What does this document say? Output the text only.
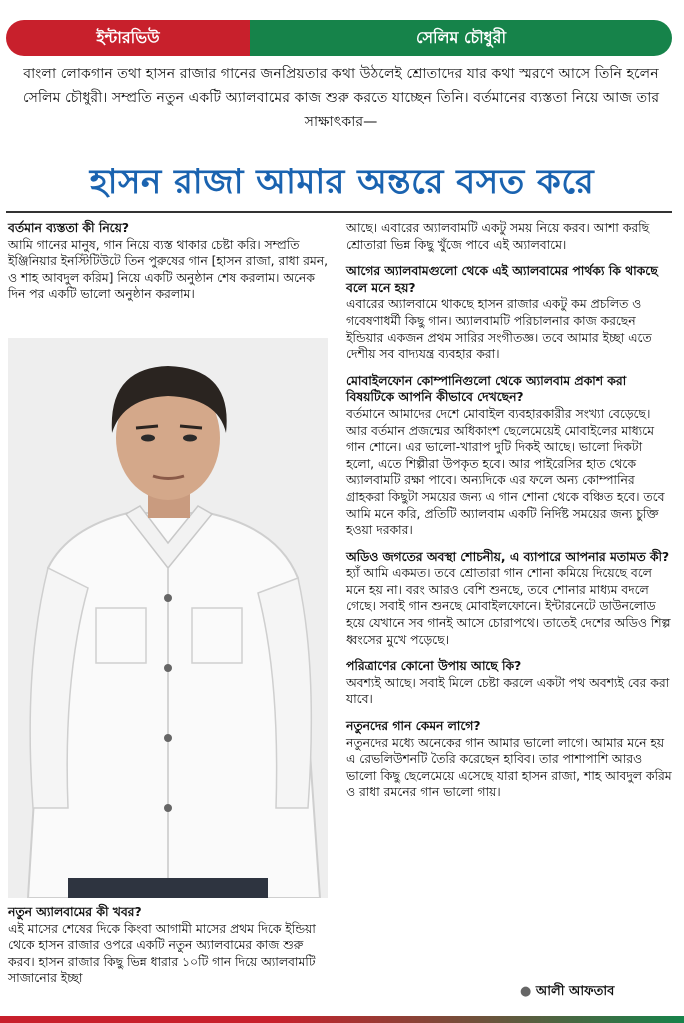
ইন্টারভিউ	সেলিম চৌধুরী
বাংলা লোকগান তথা হাসন রাজার গানের জনপ্রিয়তার কথা উঠলেই শ্রোতাদের যার কথা স্মরণে আসে তিনি হলেন সেলিম চৌধুরী। সম্প্রতি নতুন একটি অ্যালবামের কাজ শুরু করতে যাচ্ছেন তিনি। বর্তমানের ব্যস্ততা নিয়ে আজ তার সাক্ষাৎকার—
হাসন রাজা আমার অন্তরে বসত করে

বর্তমান ব্যস্ততা কী নিয়ে?

আমি গানের মানুষ, গান নিয়ে ব্যস্ত থাকার চেষ্টা করি। সম্প্রতি ইঞ্জিনিয়ার ইনস্টিটিউটে তিন পুরুষের গান [হাসন রাজা, রাধা রমন, ও শাহ আবদুল করিম] নিয়ে একটি অনুষ্ঠান শেষ করলাম। অনেক দিন পর একটি ভালো অনুষ্ঠান করলাম।

নতুন অ্যালবামের কী খবর?

এই মাসের শেষের দিকে কিংবা আগামী মাসের প্রথম দিকে ইন্ডিয়া থেকে হাসন রাজার ওপরে একটি নতুন অ্যালবামের কাজ শুরু করব। হাসন রাজার কিছু ভিন্ন ধারার ১০টি গান দিয়ে অ্যালবামটি সাজানোর ইচ্ছা

আছে। এবারের অ্যালবামটি একটু সময় নিয়ে করব। আশা করছি শ্রোতারা ভিন্ন কিছু খুঁজে পাবে এই অ্যালবামে।

আগের অ্যালবামগুলো থেকে এই অ্যালবামের পার্থক্য কি থাকছে বলে মনে হয়?

এবারের অ্যালবামে থাকছে হাসন রাজার একটু কম প্রচলিত ও গবেষণাধর্মী কিছু গান। অ্যালবামটি পরিচালনার কাজ করছেন ইন্ডিয়ার একজন প্রথম সারির সংগীতজ্ঞ। তবে আমার ইচ্ছা এতে দেশীয় সব বাদ্যযন্ত্র ব্যবহার করা।

মোবাইলফোন কোম্পানিগুলো থেকে অ্যালবাম প্রকাশ করা বিষয়টিকে আপনি কীভাবে দেখছেন?

বর্তমানে আমাদের দেশে মোবাইল ব্যবহারকারীর সংখ্যা বেড়েছে। আর বর্তমান প্রজন্মের অধিকাংশ ছেলেমেয়েই মোবাইলের মাধ্যমে গান শোনে। এর ভালো-খারাপ দুটি দিকই আছে। ভালো দিকটা হলো, এতে শিল্পীরা উপকৃত হবে। আর পাইরেসির হাত থেকে অ্যালবামটি রক্ষা পাবে। অন্যদিকে এর ফলে অন্য কোম্পানির গ্রাহকরা কিছুটা সময়ের জন্য এ গান শোনা থেকে বঞ্চিত হবে। তবে আমি মনে করি, প্রতিটি অ্যালবাম একটি নির্দিষ্ট সময়ের জন্য চুক্তি হওয়া দরকার।

অডিও জগতের অবস্থা শোচনীয়, এ ব্যাপারে আপনার মতামত কী?

হ্যাঁ আমি একমত। তবে শ্রোতারা গান শোনা কমিয়ে দিয়েছে বলে মনে হয় না। বরং আরও বেশি শুনছে, তবে শোনার মাধ্যম বদলে গেছে। সবাই গান শুনছে মোবাইলফোনে। ইন্টারনেটে ডাউনলোড হয়ে যেখানে সব গানই আসে চোরাপথে। তাতেই দেশের অডিও শিল্প ধ্বংসের মুখে পড়েছে।

পরিত্রাণের কোনো উপায় আছে কি?

অবশ্যই আছে। সবাই মিলে চেষ্টা করলে একটা পথ অবশ্যই বের করা যাবে।

নতুনদের গান কেমন লাগে?

নতুনদের মধ্যে অনেকের গান আমার ভালো লাগে। আমার মনে হয় এ রেভলিউশনটি তৈরি করেছেন হাবিব। তার পাশাপাশি আরও ভালো কিছু ছেলেমেয়ে এসেছে যারা হাসন রাজা, শাহ আবদুল করিম ও রাধা রমনের গান ভালো গায়।

● আলী আফতাব
